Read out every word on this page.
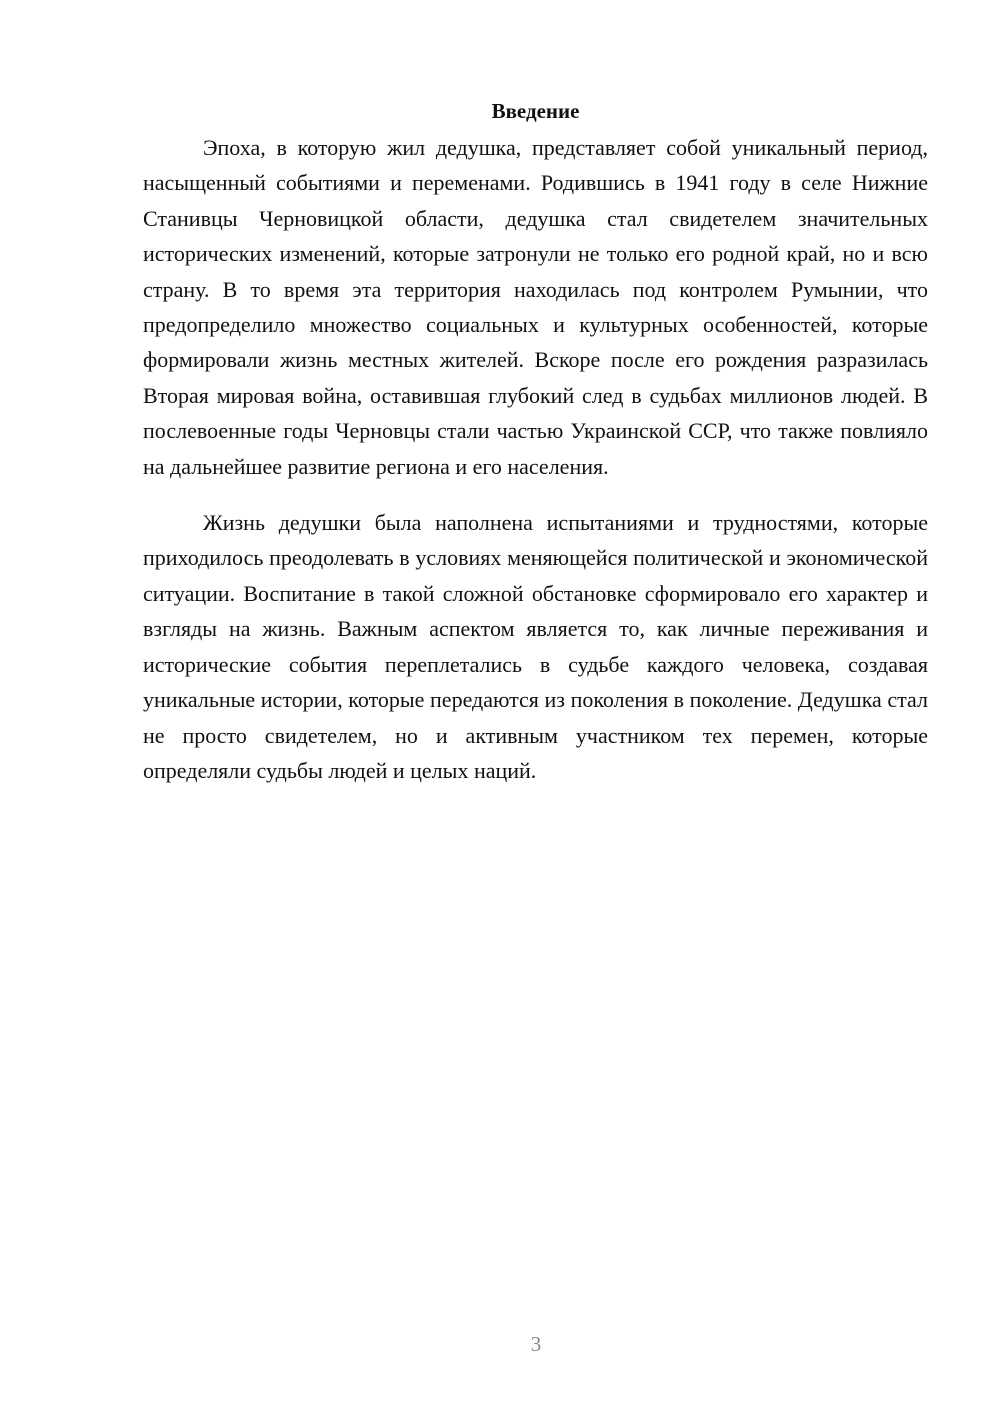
Введение

Эпоха, в которую жил дедушка, представляет собой уникальный период, насыщенный событиями и переменами. Родившись в 1941 году в селе Нижние Станивцы Черновицкой области, дедушка стал свидетелем значительных исторических изменений, которые затронули не только его родной край, но и всю страну. В то время эта территория находилась под контролем Румынии, что предопределило множество социальных и культурных особенностей, которые формировали жизнь местных жителей. Вскоре после его рождения разразилась Вторая мировая война, оставившая глубокий след в судьбах миллионов людей. В послевоенные годы Черновцы стали частью Украинской ССР, что также повлияло на дальнейшее развитие региона и его населения.

Жизнь дедушки была наполнена испытаниями и трудностями, которые приходилось преодолевать в условиях меняющейся политической и экономической ситуации. Воспитание в такой сложной обстановке сформировало его характер и взгляды на жизнь. Важным аспектом является то, как личные переживания и исторические события переплетались в судьбе каждого человека, создавая уникальные истории, которые передаются из поколения в поколение. Дедушка стал не просто свидетелем, но и активным участником тех перемен, которые определяли судьбы людей и целых наций.

3
